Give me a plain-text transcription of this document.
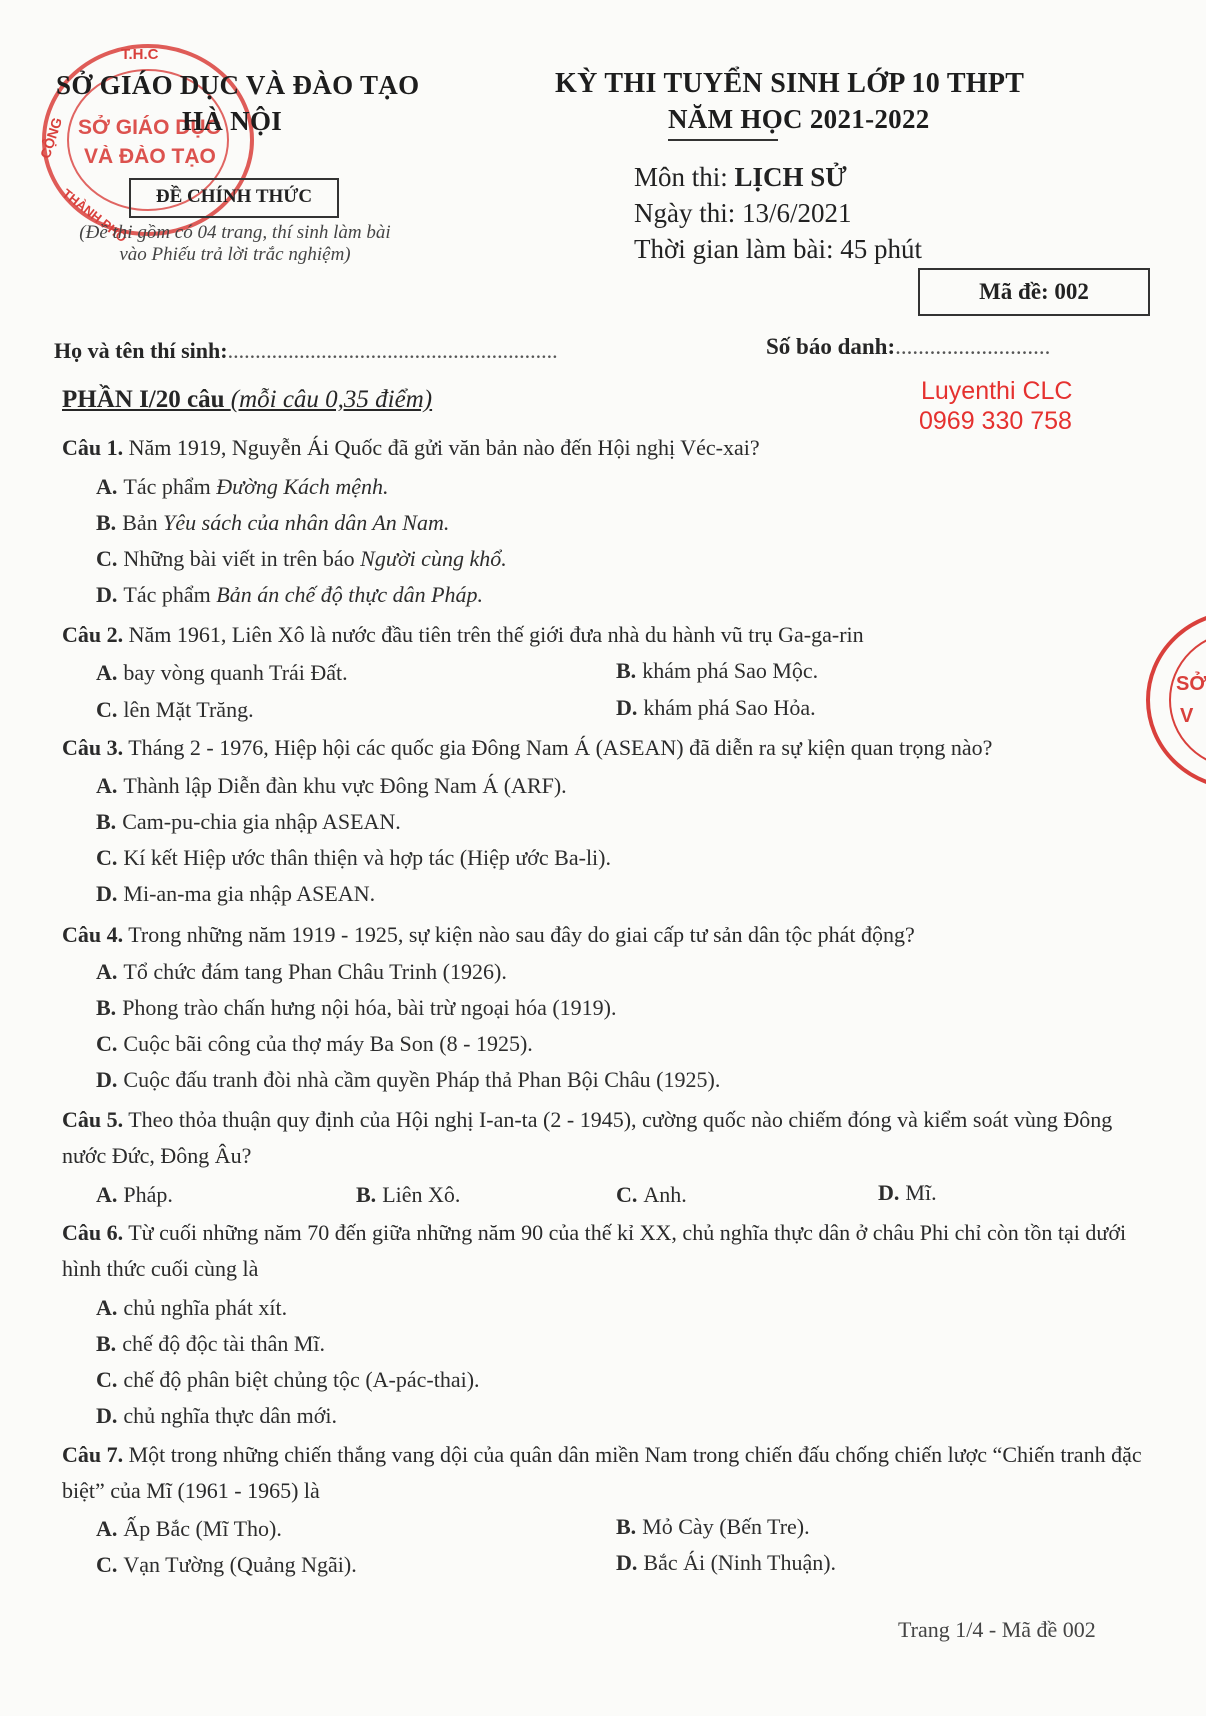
T.H.C
CỘNG
THÀNH PHỐ
SỞ GIÁO DỤC
VÀ ĐÀO TẠO
SỞ
V
SỞ GIÁO DỤC VÀ ĐÀO TẠO
HÀ NỘI
ĐỀ CHÍNH THỨC
(Đề thi gồm có 04 trang, thí sinh làm bài
vào Phiếu trả lời trắc nghiệm)
KỲ THI TUYỂN SINH LỚP 10 THPT
NĂM HỌC 2021-2022
Môn thi: LỊCH SỬ
Ngày thi: 13/6/2021
Thời gian làm bài: 45 phút
Mã đề: 002
Họ và tên thí sinh:............................................................	Số báo danh:...........................
PHẦN I/20 câu (mỗi câu 0,35 điểm)	Luyenthi CLC
0969 330 758
Câu 1. Năm 1919, Nguyễn Ái Quốc đã gửi văn bản nào đến Hội nghị Véc-xai?
A. Tác phẩm Đường Kách mệnh.
B. Bản Yêu sách của nhân dân An Nam.
C. Những bài viết in trên báo Người cùng khổ.
D. Tác phẩm Bản án chế độ thực dân Pháp.
Câu 2. Năm 1961, Liên Xô là nước đầu tiên trên thế giới đưa nhà du hành vũ trụ Ga-ga-rin
A. bay vòng quanh Trái Đất.	B. khám phá Sao Mộc.
C. lên Mặt Trăng.	D. khám phá Sao Hỏa.
Câu 3. Tháng 2 - 1976, Hiệp hội các quốc gia Đông Nam Á (ASEAN) đã diễn ra sự kiện quan trọng nào?
A. Thành lập Diễn đàn khu vực Đông Nam Á (ARF).
B. Cam-pu-chia gia nhập ASEAN.
C. Kí kết Hiệp ước thân thiện và hợp tác (Hiệp ước Ba-li).
D. Mi-an-ma gia nhập ASEAN.
Câu 4. Trong những năm 1919 - 1925, sự kiện nào sau đây do giai cấp tư sản dân tộc phát động?
A. Tổ chức đám tang Phan Châu Trinh (1926).
B. Phong trào chấn hưng nội hóa, bài trừ ngoại hóa (1919).
C. Cuộc bãi công của thợ máy Ba Son (8 - 1925).
D. Cuộc đấu tranh đòi nhà cầm quyền Pháp thả Phan Bội Châu (1925).
Câu 5. Theo thỏa thuận quy định của Hội nghị I-an-ta (2 - 1945), cường quốc nào chiếm đóng và kiểm soát vùng Đông nước Đức, Đông Âu?
A. Pháp.	B. Liên Xô.	C. Anh.	D. Mĩ.
Câu 6. Từ cuối những năm 70 đến giữa những năm 90 của thế kỉ XX, chủ nghĩa thực dân ở châu Phi chỉ còn tồn tại dưới hình thức cuối cùng là
A. chủ nghĩa phát xít.
B. chế độ độc tài thân Mĩ.
C. chế độ phân biệt chủng tộc (A-pác-thai).
D. chủ nghĩa thực dân mới.
Câu 7. Một trong những chiến thắng vang dội của quân dân miền Nam trong chiến đấu chống chiến lược “Chiến tranh đặc biệt” của Mĩ (1961 - 1965) là
A. Ấp Bắc (Mĩ Tho).	B. Mỏ Cày (Bến Tre).
C. Vạn Tường (Quảng Ngãi).	D. Bắc Ái (Ninh Thuận).
Trang 1/4 - Mã đề 002
